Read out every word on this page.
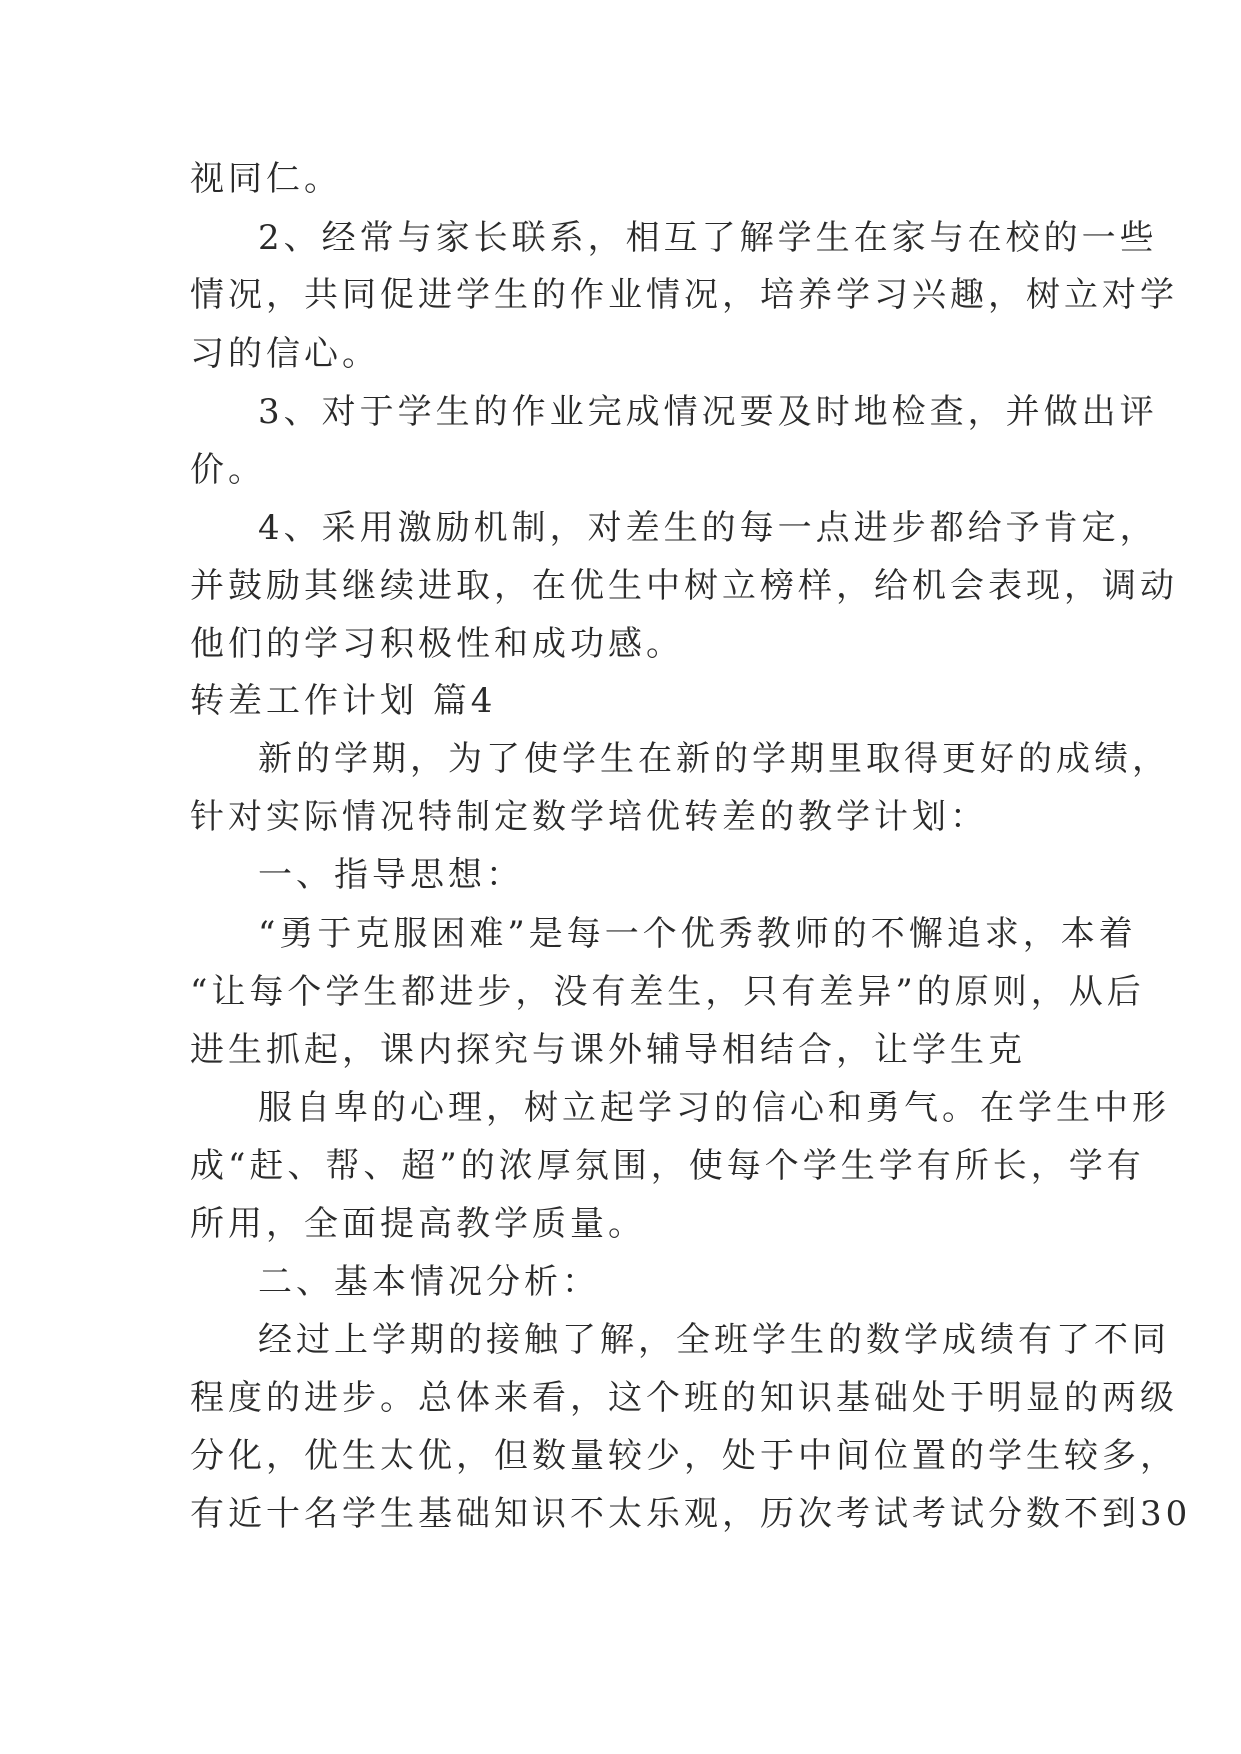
视同仁。
2、经常与家长联系，相互了解学生在家与在校的一些
情况，共同促进学生的作业情况，培养学习兴趣，树立对学
习的信心。
3、对于学生的作业完成情况要及时地检查，并做出评
价。
4、采用激励机制，对差生的每一点进步都给予肯定，
并鼓励其继续进取，在优生中树立榜样，给机会表现，调动
他们的学习积极性和成功感。
转差工作计划 篇4
新的学期，为了使学生在新的学期里取得更好的成绩，
针对实际情况特制定数学培优转差的教学计划：
一、指导思想：
“勇于克服困难”是每一个优秀教师的不懈追求，本着
“让每个学生都进步，没有差生，只有差异”的原则，从后
进生抓起，课内探究与课外辅导相结合，让学生克
服自卑的心理，树立起学习的信心和勇气。在学生中形
成“赶、帮、超”的浓厚氛围，使每个学生学有所长，学有
所用，全面提高教学质量。
二、基本情况分析：
经过上学期的接触了解，全班学生的数学成绩有了不同
程度的进步。总体来看，这个班的知识基础处于明显的两级
分化，优生太优，但数量较少，处于中间位置的学生较多，
有近十名学生基础知识不太乐观，历次考试考试分数不到30
